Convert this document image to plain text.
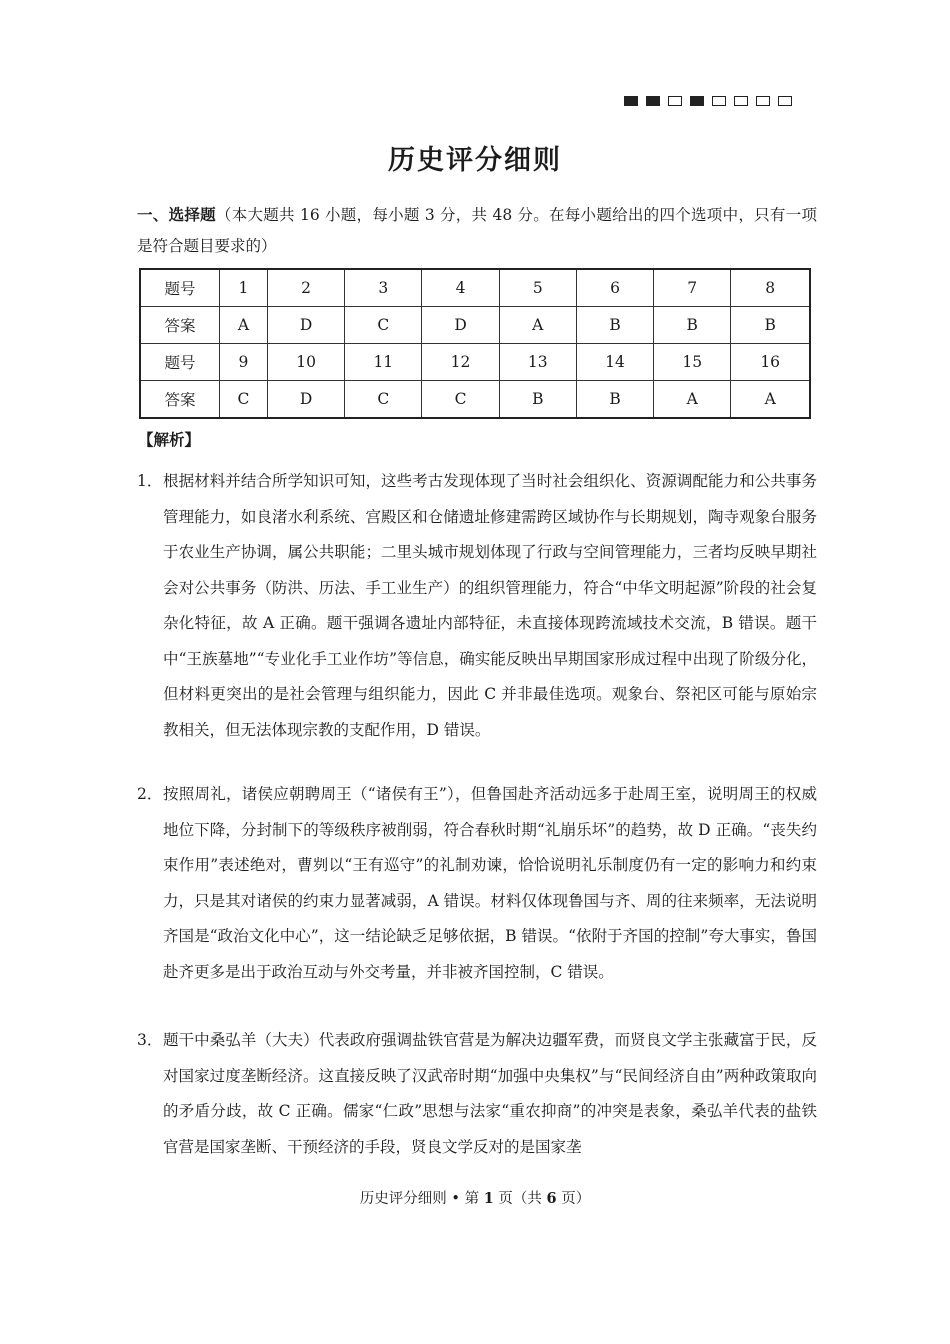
历史评分细则
一、选择题（本大题共 16 小题，每小题 3 分，共 48 分。在每小题给出的四个选项中，只有一项是符合题目要求的）
题号	1	2	3	4	5	6	7	8
答案	A	D	C	D	A	B	B	B
题号	9	10	11	12	13	14	15	16
答案	C	D	C	C	B	B	A	A
【解析】
1． 根据材料并结合所学知识可知，这些考古发现体现了当时社会组织化、资源调配能力和公共事务管理能力，如良渚水利系统、宫殿区和仓储遗址修建需跨区域协作与长期规划，陶寺观象台服务于农业生产协调，属公共职能；二里头城市规划体现了行政与空间管理能力，三者均反映早期社会对公共事务（防洪、历法、手工业生产）的组织管理能力，符合“中华文明起源”阶段的社会复杂化特征，故 A 正确。题干强调各遗址内部特征，未直接体现跨流域技术交流，B 错误。题干中“王族墓地”“专业化手工业作坊”等信息，确实能反映出早期国家形成过程中出现了阶级分化，但材料更突出的是社会管理与组织能力，因此 C 并非最佳选项。观象台、祭祀区可能与原始宗教相关，但无法体现宗教的支配作用，D 错误。
2． 按照周礼，诸侯应朝聘周王（“诸侯有王”），但鲁国赴齐活动远多于赴周王室，说明周王的权威地位下降，分封制下的等级秩序被削弱，符合春秋时期“礼崩乐坏”的趋势，故 D 正确。“丧失约束作用”表述绝对，曹刿以“王有巡守”的礼制劝谏，恰恰说明礼乐制度仍有一定的影响力和约束力，只是其对诸侯的约束力显著减弱，A 错误。材料仅体现鲁国与齐、周的往来频率，无法说明齐国是“政治文化中心”，这一结论缺乏足够依据，B 错误。“依附于齐国的控制”夸大事实，鲁国赴齐更多是出于政治互动与外交考量，并非被齐国控制，C 错误。
3． 题干中桑弘羊（大夫）代表政府强调盐铁官营是为解决边疆军费，而贤良文学主张藏富于民，反对国家过度垄断经济。这直接反映了汉武帝时期“加强中央集权”与“民间经济自由”两种政策取向的矛盾分歧，故 C 正确。儒家“仁政”思想与法家“重农抑商”的冲突是表象，桑弘羊代表的盐铁官营是国家垄断、干预经济的手段，贤良文学反对的是国家垄
历史评分细则 • 第 1 页（共 6 页）
